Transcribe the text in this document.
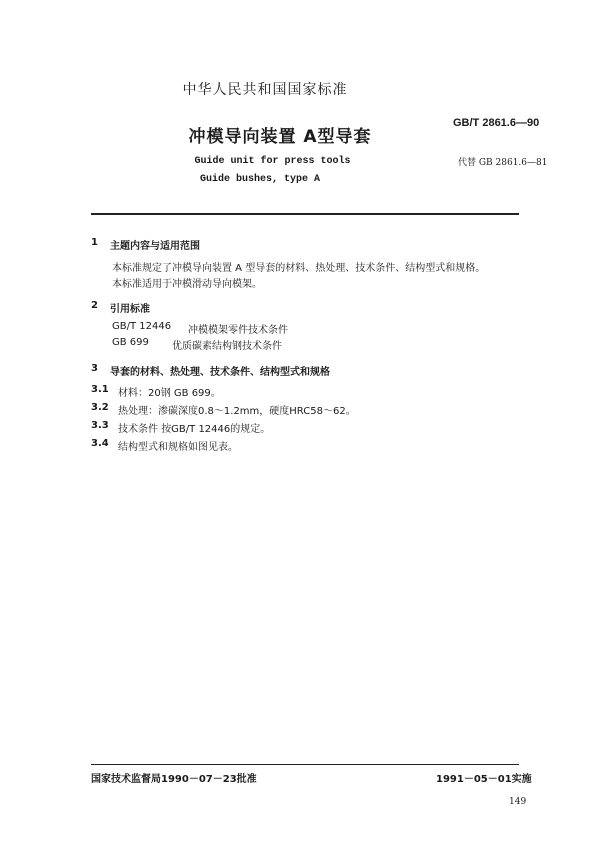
中华人民共和国国家标准
GB/T 2861.6—90
冲模导向装置 A型导套
代替 GB 2861.6—81
Guide unit for press tools
Guide bushes, type A
1 主题内容与适用范围
本标准规定了冲模导向装置 A 型导套的材料、热处理、技术条件、结构型式和规格。
本标准适用于冲模滑动导向模架。
2 引用标准
GB/T 12446 冲模模架零件技术条件
GB 699 优质碳素结构钢技术条件
3 导套的材料、热处理、技术条件、结构型式和规格
3.1 材料：20钢 GB 699。
3.2 热处理：渗碳深度0.8～1.2mm，硬度HRC58～62。
3.3 技术条件 按GB/T 12446的规定。
3.4 结构型式和规格如图见表。
国家技术监督局1990－07－23批准	1991－05－01实施
149
